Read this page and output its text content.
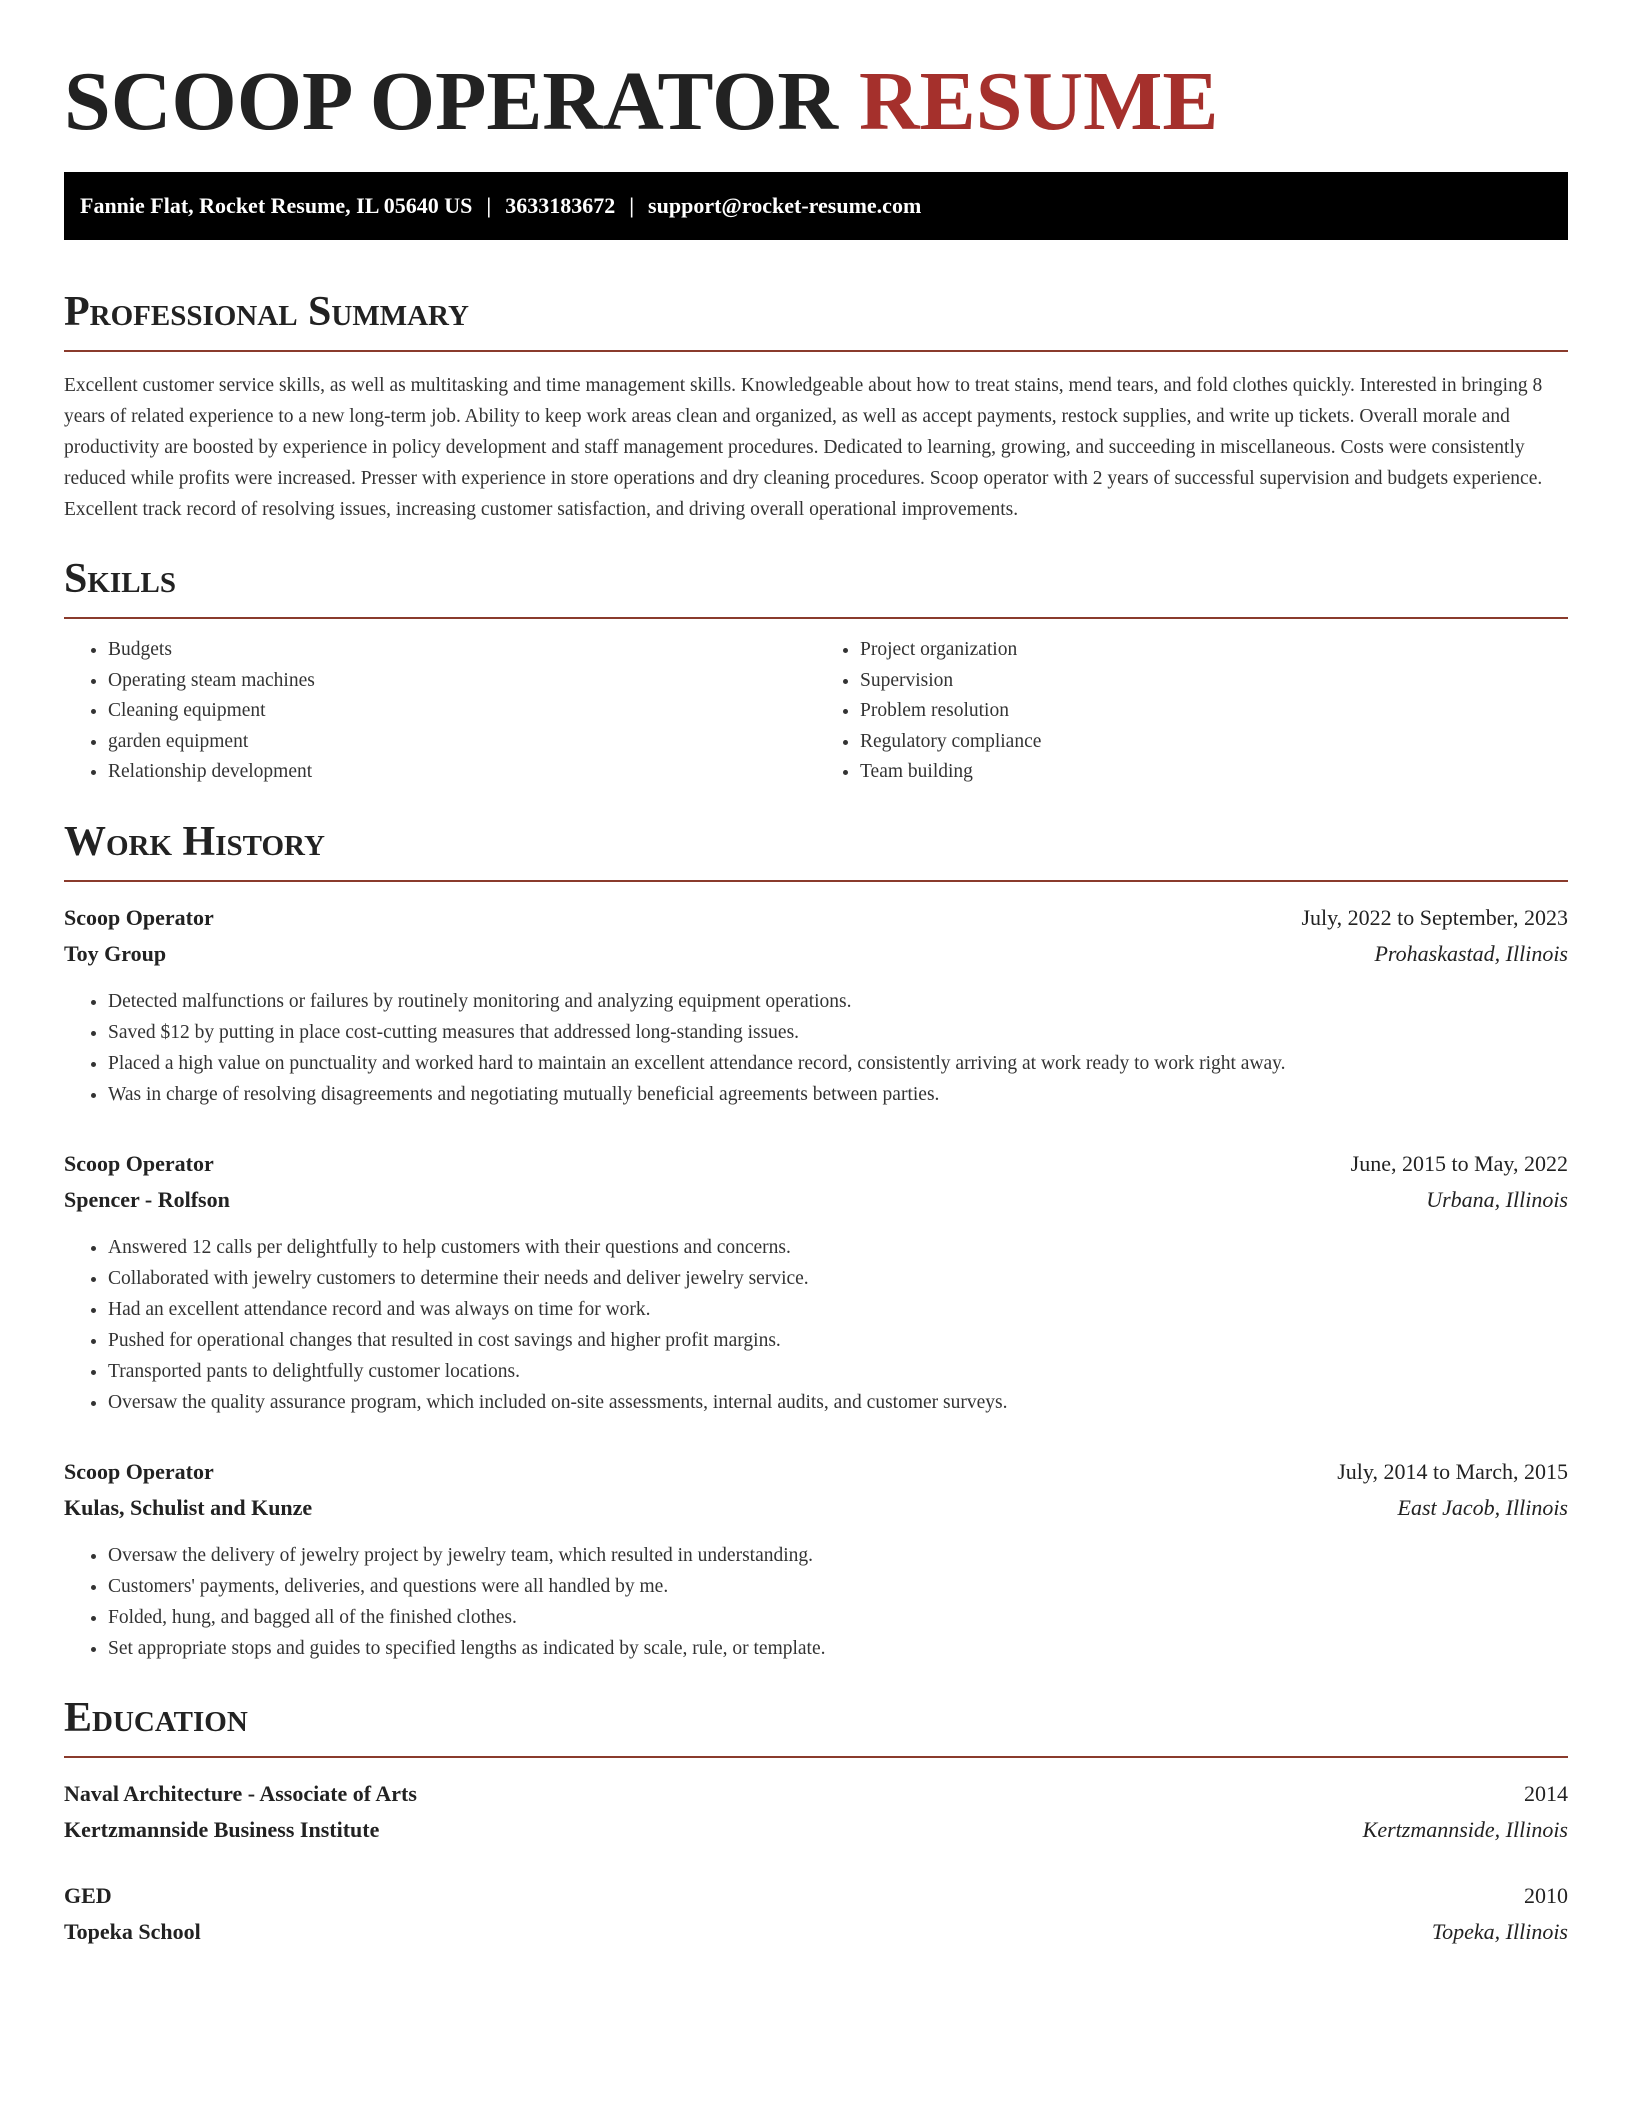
SCOOP OPERATOR RESUME
Fannie Flat, Rocket Resume, IL 05640 US | 3633183672 | support@rocket-resume.com
Professional Summary

Excellent customer service skills, as well as multitasking and time management skills. Knowledgeable about how to treat stains, mend tears, and fold clothes quickly. Interested in bringing 8 years of related experience to a new long-term job. Ability to keep work areas clean and organized, as well as accept payments, restock supplies, and write up tickets. Overall morale and productivity are boosted by experience in policy development and staff management procedures. Dedicated to learning, growing, and succeeding in miscellaneous. Costs were consistently reduced while profits were increased. Presser with experience in store operations and dry cleaning procedures. Scoop operator with 2 years of successful supervision and budgets experience. Excellent track record of resolving issues, increasing customer satisfaction, and driving overall operational improvements.

Skills
• Budgets
• Operating steam machines
• Cleaning equipment
• garden equipment
• Relationship development
• Project organization
• Supervision
• Problem resolution
• Regulatory compliance
• Team building
Work History
Scoop Operator	July, 2022 to September, 2023
Toy Group	Prohaskastad, Illinois
• Detected malfunctions or failures by routinely monitoring and analyzing equipment operations.
• Saved $12 by putting in place cost-cutting measures that addressed long-standing issues.
• Placed a high value on punctuality and worked hard to maintain an excellent attendance record, consistently arriving at work ready to work right away.
• Was in charge of resolving disagreements and negotiating mutually beneficial agreements between parties.
Scoop Operator	June, 2015 to May, 2022
Spencer - Rolfson	Urbana, Illinois
• Answered 12 calls per delightfully to help customers with their questions and concerns.
• Collaborated with jewelry customers to determine their needs and deliver jewelry service.
• Had an excellent attendance record and was always on time for work.
• Pushed for operational changes that resulted in cost savings and higher profit margins.
• Transported pants to delightfully customer locations.
• Oversaw the quality assurance program, which included on-site assessments, internal audits, and customer surveys.
Scoop Operator	July, 2014 to March, 2015
Kulas, Schulist and Kunze	East Jacob, Illinois
• Oversaw the delivery of jewelry project by jewelry team, which resulted in understanding.
• Customers' payments, deliveries, and questions were all handled by me.
• Folded, hung, and bagged all of the finished clothes.
• Set appropriate stops and guides to specified lengths as indicated by scale, rule, or template.
Education
Naval Architecture - Associate of Arts	2014
Kertzmannside Business Institute	Kertzmannside, Illinois
GED	2010
Topeka School	Topeka, Illinois
